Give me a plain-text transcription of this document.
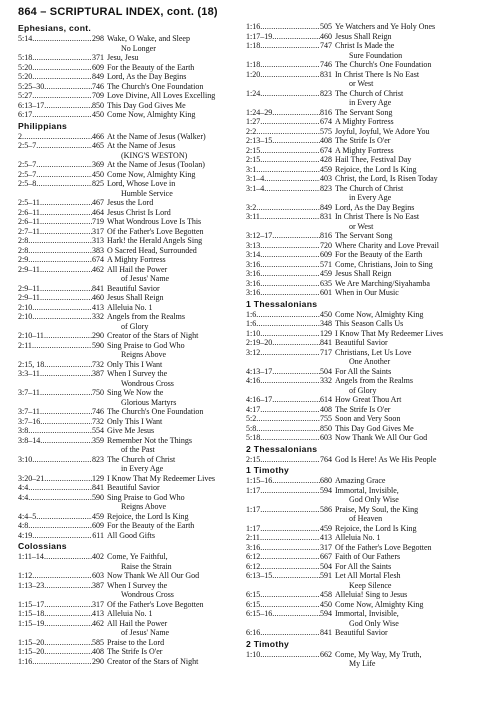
864 – SCRIPTURAL INDEX, cont. (18)
Ephesians, cont.
5:14 .....	298 Wake, O Wake, and Sleep
No Longer
5:18 .....	371 Jesu, Jesu
5:20 .....	609 For the Beauty of the Earth
5:20 .....	849 Lord, As the Day Begins
5:25–30 .....	746 The Church's One Foundation
5:27 .....	709 Love Divine, All Loves Excelling
6:13–17 .....	850 This Day God Gives Me
6:17 .....	450 Come Now, Almighty King
Philippians
2 .....	466 At the Name of Jesus (Walker)
2:5–7 .....	465 At the Name of Jesus
(KING'S WESTON)
2:5–7 .....	369 At the Name of Jesus (Toolan)
2:5–7 .....	450 Come Now, Almighty King
2:5–8 .....	825 Lord, Whose Love in
Humble Service
2:5–11 .....	467 Jesus the Lord
2:6–11 .....	464 Jesus Christ Is Lord
2:6–11 .....	719 What Wondrous Love Is This
2:7–11 .....	317 Of the Father's Love Begotten
2:8 .....	313 Hark! the Herald Angels Sing
2:8 .....	383 O Sacred Head, Surrounded
2:9 .....	674 A Mighty Fortress
2:9–11 .....	462 All Hail the Power
of Jesus' Name
2:9–11 .....	841 Beautiful Savior
2:9–11 .....	460 Jesus Shall Reign
2:10 .....	413 Alleluia No. 1
2:10 .....	332 Angels from the Realms
of Glory
2:10–11 .....	290 Creator of the Stars of Night
2:11 .....	590 Sing Praise to God Who
Reigns Above
2:15, 18 .....	732 Only This I Want
3:3–11 .....	387 When I Survey the
Wondrous Cross
3:7–11 .....	750 Sing We Now the
Glorious Martyrs
3:7–11 .....	746 The Church's One Foundation
3:7–16 .....	732 Only This I Want
3:8 .....	554 Give Me Jesus
3:8–14 .....	359 Remember Not the Things
of the Past
3:10 .....	823 The Church of Christ
in Every Age
3:20–21 .....	129 I Know That My Redeemer Lives
4:4 .....	841 Beautiful Savior
4:4 .....	590 Sing Praise to God Who
Reigns Above
4:4–5 .....	459 Rejoice, the Lord Is King
4:8 .....	609 For the Beauty of the Earth
4:19 .....	611 All Good Gifts
Colossians
1:11–14 .....	402 Come, Ye Faithful,
Raise the Strain
1:12 .....	603 Now Thank We All Our God
1:13–23 .....	387 When I Survey the
Wondrous Cross
1:15–17 .....	317 Of the Father's Love Begotten
1:15–18 .....	413 Alleluia No. 1
1:15–19 .....	462 All Hail the Power
of Jesus' Name
1:15–20 .....	585 Praise to the Lord
1:15–20 .....	408 The Strife Is O'er
1:16 .....	290 Creator of the Stars of Night
1:16 .....	505 Ye Watchers and Ye Holy Ones
1:17–19 .....	460 Jesus Shall Reign
1:18 .....	747 Christ Is Made the
Sure Foundation
1:18 .....	746 The Church's One Foundation
1:20 .....	831 In Christ There Is No East
or West
1:24 .....	823 The Church of Christ
in Every Age
1:24–29 .....	816 The Servant Song
1:27 .....	674 A Mighty Fortress
2:2 .....	575 Joyful, Joyful, We Adore You
2:13–15 .....	408 The Strife Is O'er
2:15 .....	674 A Mighty Fortress
2:15 .....	428 Hail Thee, Festival Day
3:1 .....	459 Rejoice, the Lord Is King
3:1–4 .....	403 Christ, the Lord, Is Risen Today
3:1–4 .....	823 The Church of Christ
in Every Age
3:2 .....	849 Lord, As the Day Begins
3:11 .....	831 In Christ There Is No East
or West
3:12–17 .....	816 The Servant Song
3:13 .....	720 Where Charity and Love Prevail
3:14 .....	609 For the Beauty of the Earth
3:16 .....	571 Come, Christians, Join to Sing
3:16 .....	459 Jesus Shall Reign
3:16 .....	635 We Are Marching/Siyahamba
3:16 .....	601 When in Our Music
1 Thessalonians
1:6 .....	450 Come Now, Almighty King
1:6 .....	348 This Season Calls Us
1:10 .....	129 I Know That My Redeemer Lives
2:19–20 .....	841 Beautiful Savior
3:12 .....	717 Christians, Let Us Love
One Another
4:13–17 .....	504 For All the Saints
4:16 .....	332 Angels from the Realms
of Glory
4:16–17 .....	614 How Great Thou Art
4:17 .....	408 The Strife Is O'er
5:2 .....	755 Soon and Very Soon
5:8 .....	850 This Day God Gives Me
5:18 .....	603 Now Thank We All Our God
2 Thessalonians
2:15 .....	764 God Is Here! As We His People
1 Timothy
1:15–16 .....	680 Amazing Grace
1:17 .....	594 Immortal, Invisible,
God Only Wise
1:17 .....	586 Praise, My Soul, the King
of Heaven
1:17 .....	459 Rejoice, the Lord Is King
2:11 .....	413 Alleluia No. 1
3:16 .....	317 Of the Father's Love Begotten
6:12 .....	667 Faith of Our Fathers
6:12 .....	504 For All the Saints
6:13–15 .....	591 Let All Mortal Flesh
Keep Silence
6:15 .....	458 Alleluia! Sing to Jesus
6:15 .....	450 Come Now, Almighty King
6:15–16 .....	594 Immortal, Invisible,
God Only Wise
6:16 .....	841 Beautiful Savior
2 Timothy
1:10 .....	662 Come, My Way, My Truth,
My Life
